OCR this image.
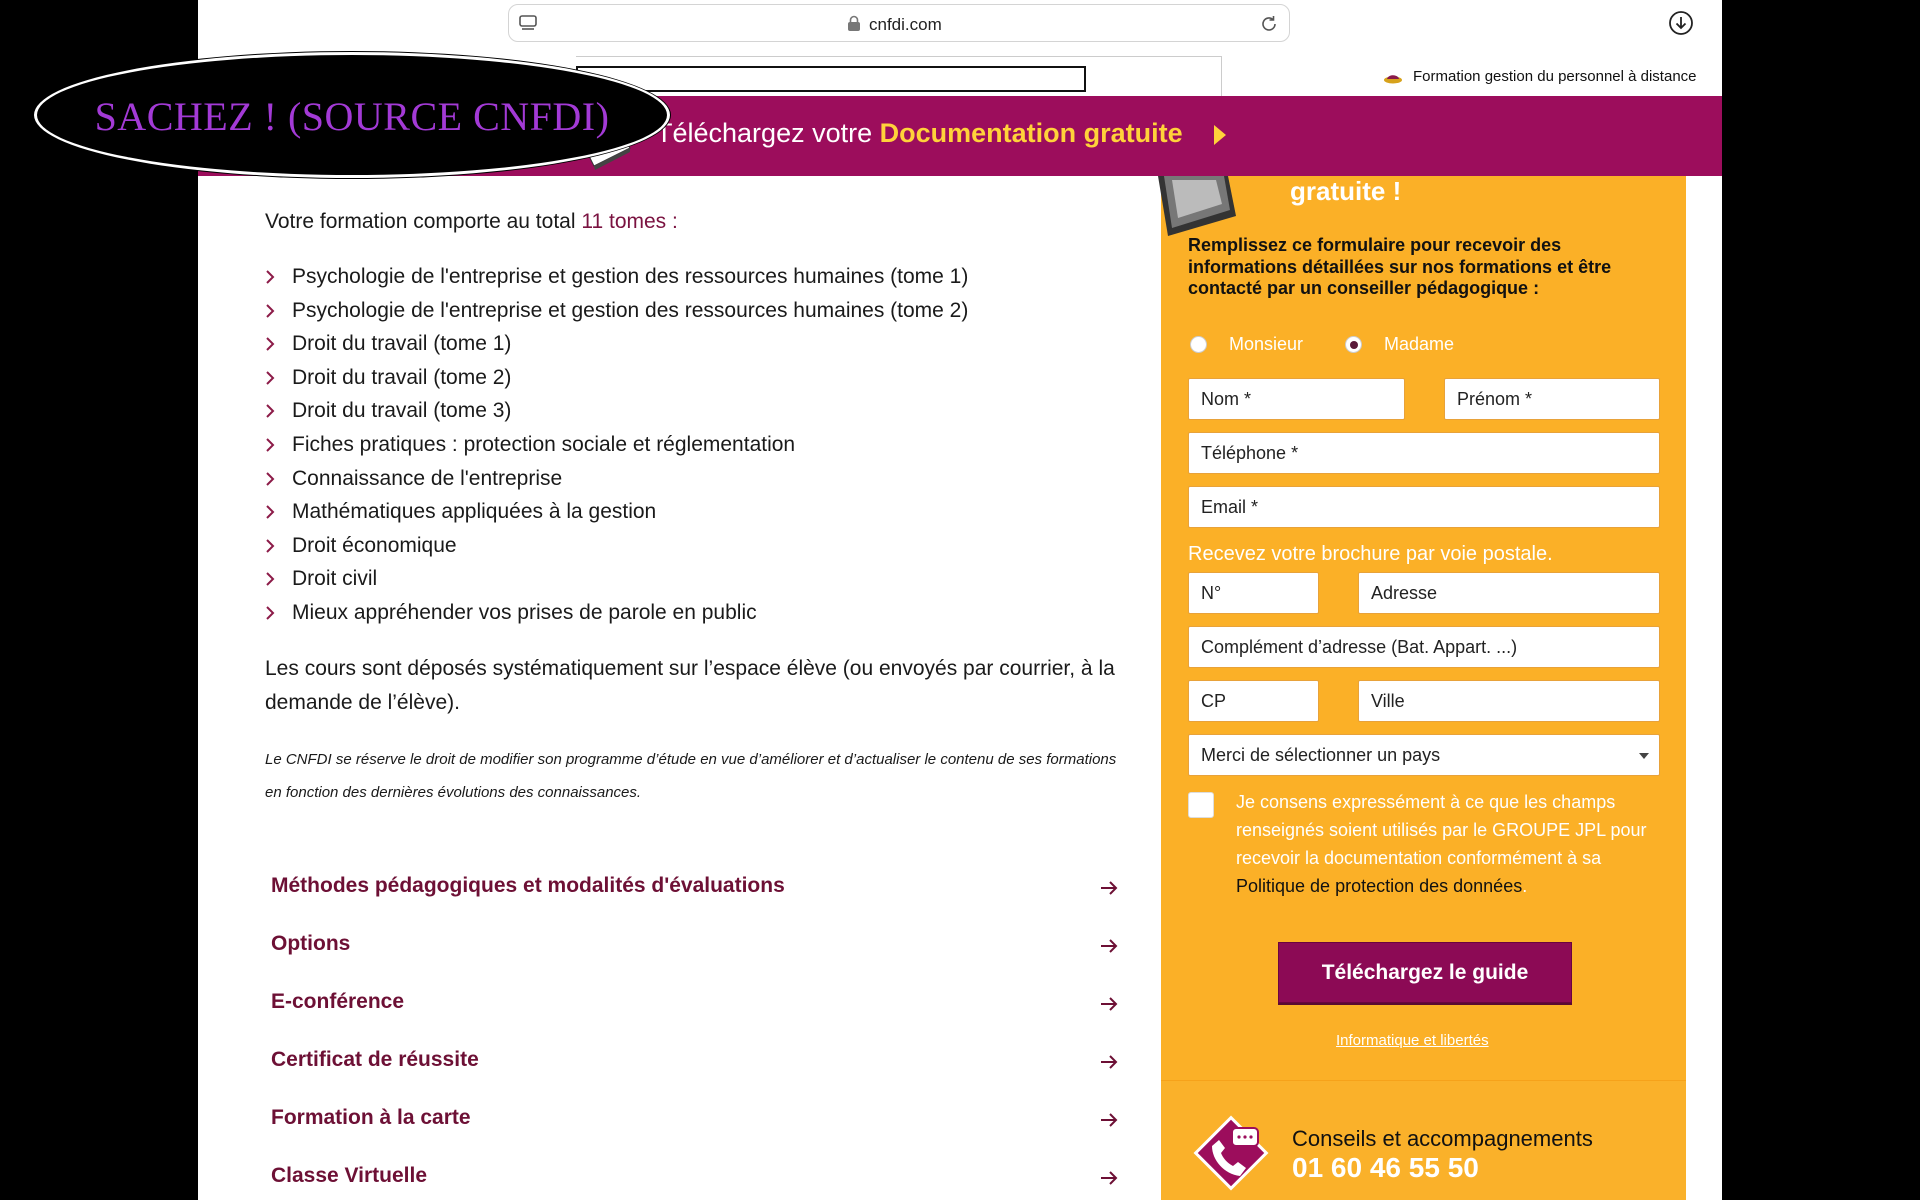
cnfdi.com
Formation gestion du personnel à distance
Téléchargez votre Documentation gratuite
Votre formation comporte au total 11 tomes :
Psychologie de l'entreprise et gestion des ressources humaines (tome 1)
Psychologie de l'entreprise et gestion des ressources humaines (tome 2)
Droit du travail (tome 1)
Droit du travail (tome 2)
Droit du travail (tome 3)
Fiches pratiques : protection sociale et réglementation
Connaissance de l'entreprise
Mathématiques appliquées à la gestion
Droit économique
Droit civil
Mieux appréhender vos prises de parole en public
Les cours sont déposés systématiquement sur l’espace élève (ou envoyés par courrier, à la demande de l’élève).
Le CNFDI se réserve le droit de modifier son programme d’étude en vue d’améliorer et d’actualiser le contenu de ses formations en fonction des dernières évolutions des connaissances.
Méthodes pédagogiques et modalités d'évaluations
Options
E-conférence
Certificat de réussite
Formation à la carte
Classe Virtuelle
gratuite !
Remplissez ce formulaire pour recevoir des informations détaillées sur nos formations et être contacté par un conseiller pédagogique :
Monsieur	Madame
Nom *	Prénom *
Téléphone *
Email *
Recevez votre brochure par voie postale.
N°	Adresse
Complément d’adresse (Bat. Appart. ...)
CP	Ville
Merci de sélectionner un pays
Je consens expressément à ce que les champs renseignés soient utilisés par le GROUPE JPL pour recevoir la documentation conformément à sa Politique de protection des données.
Téléchargez le guide
Informatique et libertés
Conseils et accompagnements
01 60 46 55 50
SACHEZ ! (SOURCE CNFDI)
